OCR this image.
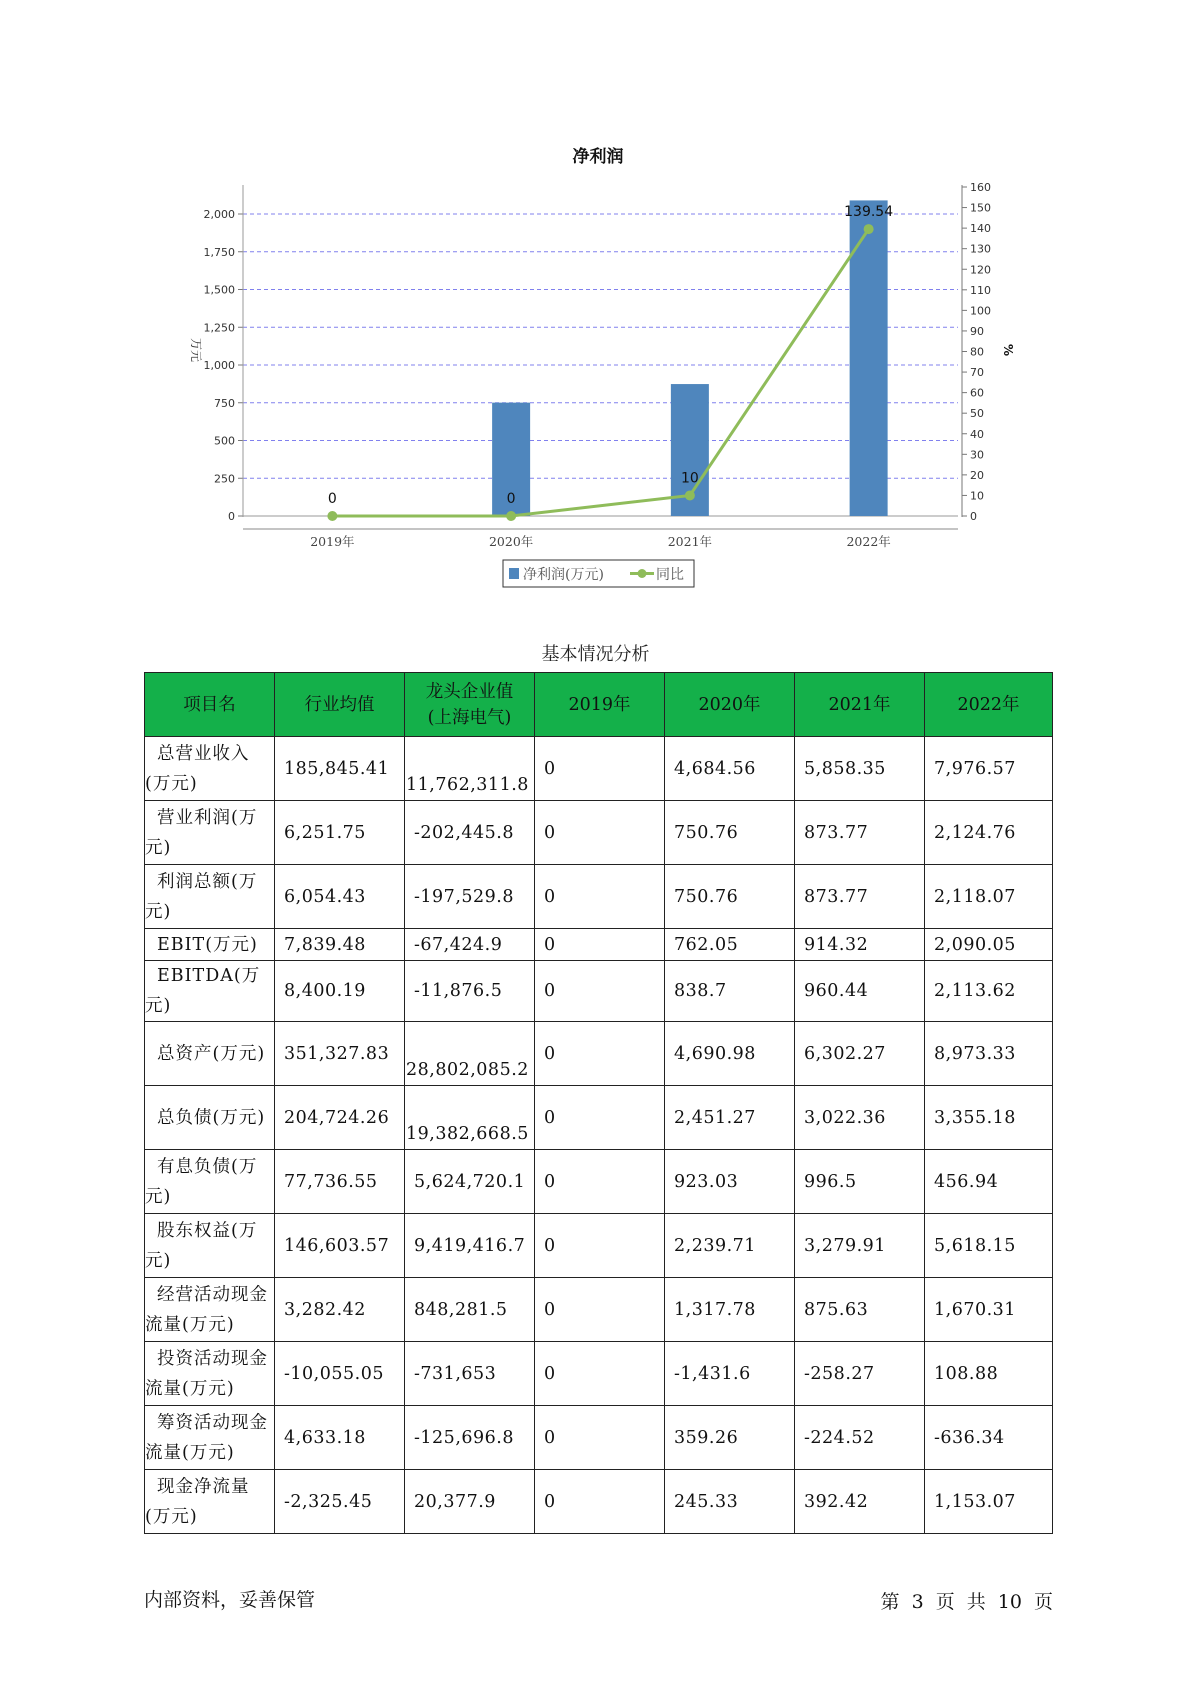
净利润
0
250
500
750
1,000
1,250
1,500
1,750
2,000
0
10
20
30
40
50
60
70
80
90
100
110
120
130
140
150
160
万元	%
2019年	2020年	2021年	2022年
0	0
10
139.54
净利润(万元)	同比
基本情况分析
项目名	行业均值	龙头企业值(上海电气)	2019年	2020年	2021年	2022年

总营业收入(万元)	185,845.41	11,762,311.8	0	4,684.56	5,858.35	7,976.57

营业利润(万元)	6,251.75	-202,445.8	0	750.76	873.77	2,124.76

利润总额(万元)	6,054.43	-197,529.8	0	750.76	873.77	2,118.07

EBIT(万元)	7,839.48	-67,424.9	0	762.05	914.32	2,090.05

EBITDA(万元)	8,400.19	-11,876.5	0	838.7	960.44	2,113.62

总资产(万元)	351,327.83	28,802,085.2	0	4,690.98	6,302.27	8,973.33

总负债(万元)	204,724.26	19,382,668.5	0	2,451.27	3,022.36	3,355.18

有息负债(万元)	77,736.55	5,624,720.1	0	923.03	996.5	456.94

股东权益(万元)	146,603.57	9,419,416.7	0	2,239.71	3,279.91	5,618.15

经营活动现金流量(万元)	3,282.42	848,281.5	0	1,317.78	875.63	1,670.31

投资活动现金流量(万元)	-10,055.05	-731,653	0	-1,431.6	-258.27	108.88

筹资活动现金流量(万元)	4,633.18	-125,696.8	0	359.26	-224.52	-636.34

现金净流量(万元)	-2,325.45	20,377.9	0	245.33	392.42	1,153.07
内部资料，妥善保管	第 3 页 共 10 页
